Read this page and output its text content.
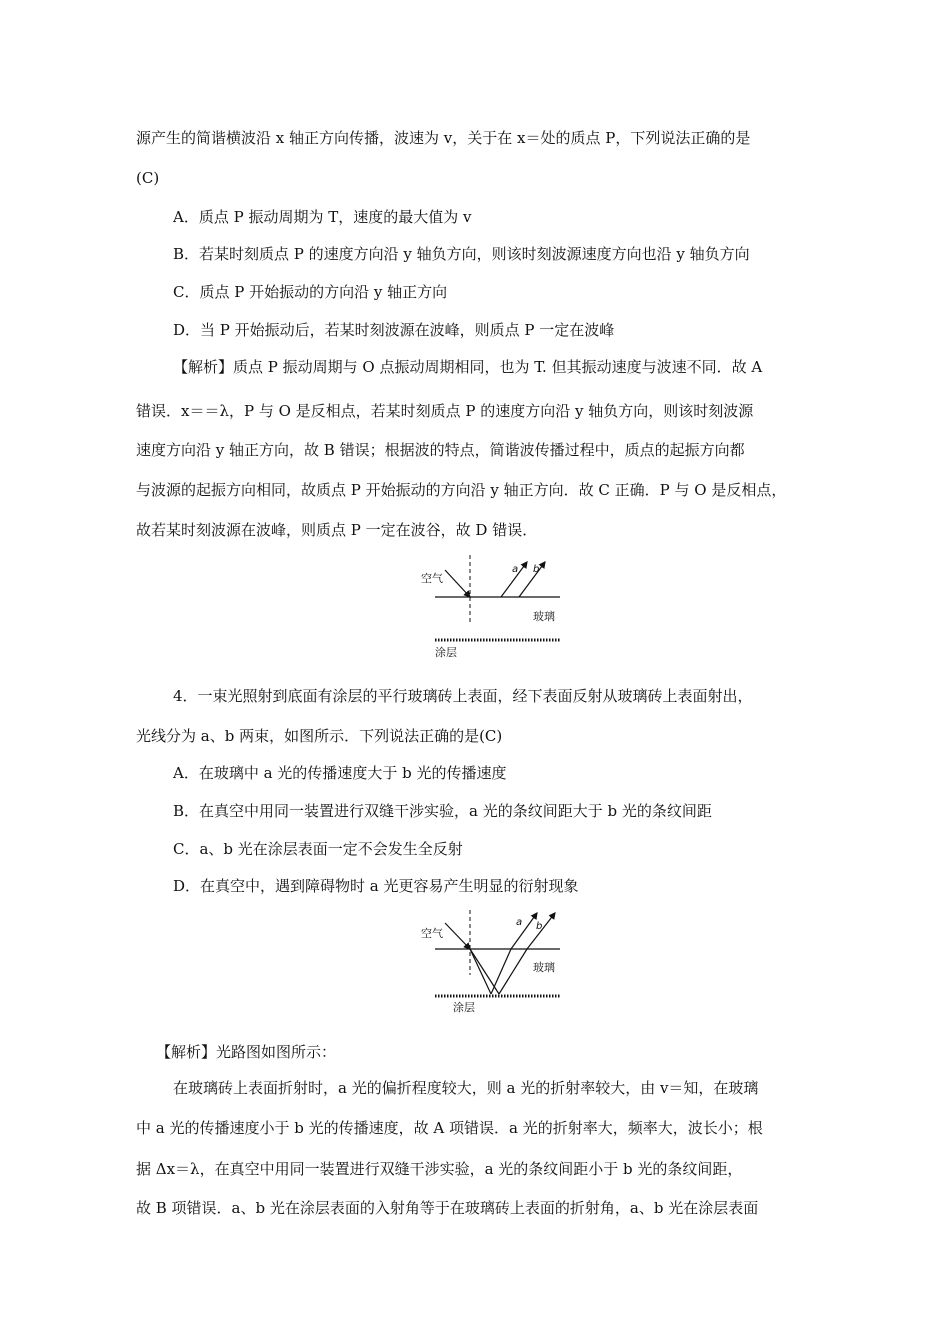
源产生的简谐横波沿 x 轴正方向传播，波速为 v，关于在 x＝处的质点 P，下列说法正确的是
(C)
A．质点 P 振动周期为 T，速度的最大值为 v
B．若某时刻质点 P 的速度方向沿 y 轴负方向，则该时刻波源速度方向也沿 y 轴负方向
C．质点 P 开始振动的方向沿 y 轴正方向
D．当 P 开始振动后，若某时刻波源在波峰，则质点 P 一定在波峰
【解析】质点 P 振动周期与 O 点振动周期相同，也为 T. 但其振动速度与波速不同．故 A
错误．x＝＝λ，P 与 O 是反相点，若某时刻质点 P 的速度方向沿 y 轴负方向，则该时刻波源
速度方向沿 y 轴正方向，故 B 错误；根据波的特点，简谐波传播过程中，质点的起振方向都
与波源的起振方向相同，故质点 P 开始振动的方向沿 y 轴正方向．故 C 正确．P 与 O 是反相点，
故若某时刻波源在波峰，则质点 P 一定在波谷，故 D 错误．
空气
a b
玻璃
涂层
4．一束光照射到底面有涂层的平行玻璃砖上表面，经下表面反射从玻璃砖上表面射出，
光线分为 a、b 两束，如图所示．下列说法正确的是(C)
A．在玻璃中 a 光的传播速度大于 b 光的传播速度
B．在真空中用同一装置进行双缝干涉实验，a 光的条纹间距大于 b 光的条纹间距
C．a、b 光在涂层表面一定不会发生全反射
D．在真空中，遇到障碍物时 a 光更容易产生明显的衍射现象
空气
a b
玻璃
涂层
【解析】光路图如图所示：
在玻璃砖上表面折射时，a 光的偏折程度较大，则 a 光的折射率较大，由 v＝知，在玻璃
中 a 光的传播速度小于 b 光的传播速度，故 A 项错误．a 光的折射率大，频率大，波长小；根
据 Δx＝λ，在真空中用同一装置进行双缝干涉实验，a 光的条纹间距小于 b 光的条纹间距，
故 B 项错误．a、b 光在涂层表面的入射角等于在玻璃砖上表面的折射角，a、b 光在涂层表面
